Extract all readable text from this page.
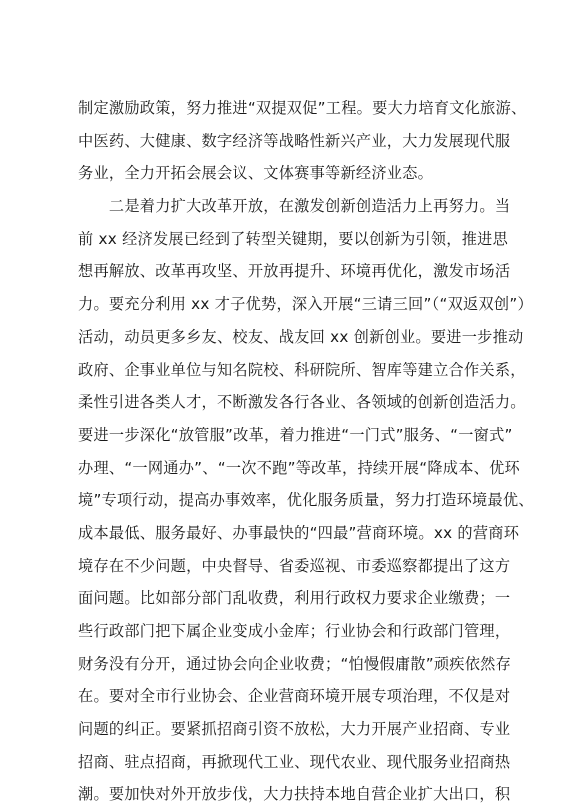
制定激励政策，努力推进“双提双促”工程。要大力培育文化旅游、
中医药、大健康、数字经济等战略性新兴产业，大力发展现代服
务业，全力开拓会展会议、文体赛事等新经济业态。
　　二是着力扩大改革开放，在激发创新创造活力上再努力。当
前 xx 经济发展已经到了转型关键期，要以创新为引领，推进思
想再解放、改革再攻坚、开放再提升、环境再优化，激发市场活
力。要充分利用 xx 才子优势，深入开展“三请三回”（“双返双创”）
活动，动员更多乡友、校友、战友回 xx 创新创业。要进一步推动
政府、企事业单位与知名院校、科研院所、智库等建立合作关系，
柔性引进各类人才，不断激发各行各业、各领域的创新创造活力。
要进一步深化“放管服”改革，着力推进“一门式”服务、“一窗式”
办理、“一网通办”、“一次不跑”等改革，持续开展“降成本、优环
境”专项行动，提高办事效率，优化服务质量，努力打造环境最优、
成本最低、服务最好、办事最快的“四最”营商环境。xx 的营商环
境存在不少问题，中央督导、省委巡视、市委巡察都提出了这方
面问题。比如部分部门乱收费，利用行政权力要求企业缴费；一
些行政部门把下属企业变成小金库；行业协会和行政部门管理，
财务没有分开，通过协会向企业收费；“怕慢假庸散”顽疾依然存
在。要对全市行业协会、企业营商环境开展专项治理，不仅是对
问题的纠正。要紧抓招商引资不放松，大力开展产业招商、专业
招商、驻点招商，再掀现代工业、现代农业、现代服务业招商热
潮。要加快对外开放步伐，大力扶持本地自营企业扩大出口，积
